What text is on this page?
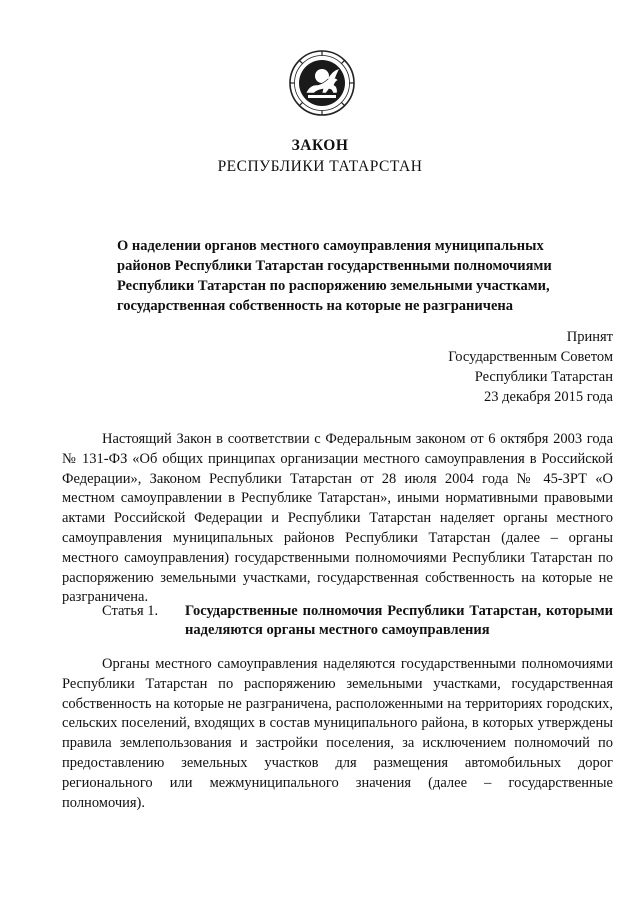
ЗАКОН
РЕСПУБЛИКИ ТАТАРСТАН
О наделении органов местного самоуправления муниципальных районов Республики Татарстан государственными полномочиями Республики Татарстан по распоряжению земельными участками, государственная собственность на которые не разграничена
Принят
Государственным Советом
Республики Татарстан
23 декабря 2015 года

Настоящий Закон в соответствии с Федеральным законом от 6 октября 2003 года № 131-ФЗ «Об общих принципах организации местного самоуправления в Российской Федерации», Законом Республики Татарстан от 28 июля 2004 года № 45-ЗРТ «О местном самоуправлении в Республике Татарстан», иными нормативными правовыми актами Российской Федерации и Республики Татарстан наделяет органы местного самоуправления муниципальных районов Республики Татарстан (далее – органы местного самоуправления) государственными полномочиями Республики Татарстан по распоряжению земельными участками, государственная собственность на которые не разграничена.

Статья 1. Государственные полномочия Республики Татарстан, которыми наделяются органы местного самоуправления

Органы местного самоуправления наделяются государственными полномочиями Республики Татарстан по распоряжению земельными участками, государственная собственность на которые не разграничена, расположенными на территориях городских, сельских поселений, входящих в состав муниципального района, в которых утверждены правила землепользования и застройки поселения, за исключением полномочий по предоставлению земельных участков для размещения автомобильных дорог регионального или межмуниципального значения (далее – государственные полномочия).
